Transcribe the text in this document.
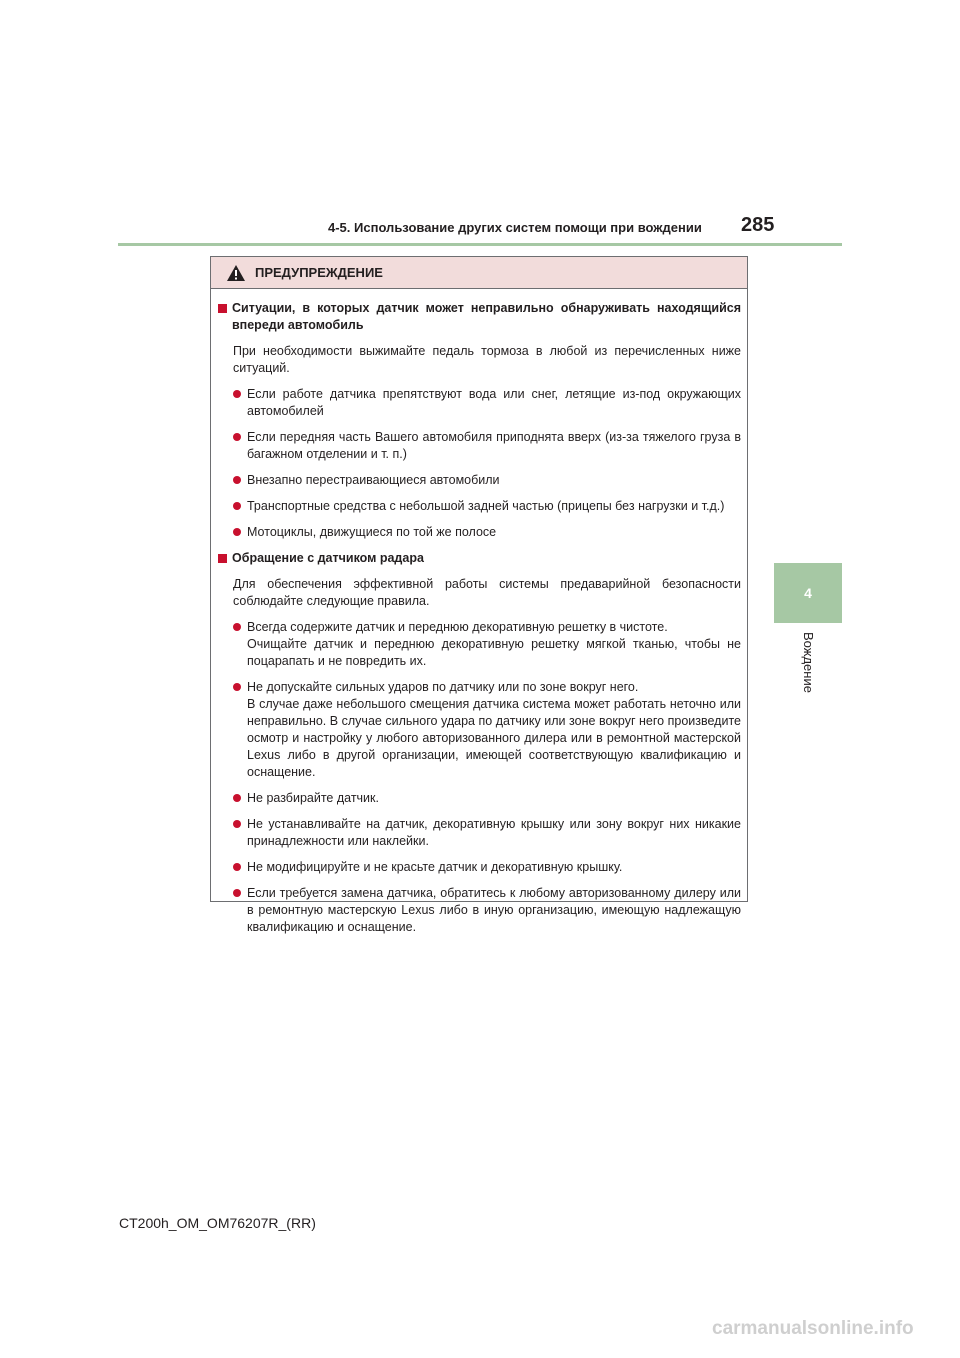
4-5. Использование других систем помощи при вождении 285
4
Вождение
ПРЕДУПРЕЖДЕНИЕ
Ситуации, в которых датчик может неправильно обнаруживать находящийся впереди автомобиль
При необходимости выжимайте педаль тормоза в любой из перечисленных ниже ситуаций.
Если работе датчика препятствуют вода или снег, летящие из-под окружающих автомобилей
Если передняя часть Вашего автомобиля приподнята вверх (из-за тяжелого груза в багажном отделении и т. п.)
Внезапно перестраивающиеся автомобили
Транспортные средства с небольшой задней частью (прицепы без нагрузки и т.д.)
Мотоциклы, движущиеся по той же полосе
Обращение с датчиком радара
Для обеспечения эффективной работы системы предаварийной безопасности соблюдайте следующие правила.
Всегда содержите датчик и переднюю декоративную решетку в чистоте.
Очищайте датчик и переднюю декоративную решетку мягкой тканью, чтобы не поцарапать и не повредить их.
Не допускайте сильных ударов по датчику или по зоне вокруг него.
В случае даже небольшого смещения датчика система может работать неточно или неправильно. В случае сильного удара по датчику или зоне вокруг него произведите осмотр и настройку у любого авторизованного дилера или в ремонтной мастерской Lexus либо в другой организации, имеющей соответствующую квалификацию и оснащение.
Не разбирайте датчик.
Не устанавливайте на датчик, декоративную крышку или зону вокруг них никакие принадлежности или наклейки.
Не модифицируйте и не красьте датчик и декоративную крышку.
Если требуется замена датчика, обратитесь к любому авторизованному дилеру или в ремонтную мастерскую Lexus либо в иную организацию, имеющую надлежащую квалификацию и оснащение.
CT200h_OM_OM76207R_(RR)
carmanualsonline.info
